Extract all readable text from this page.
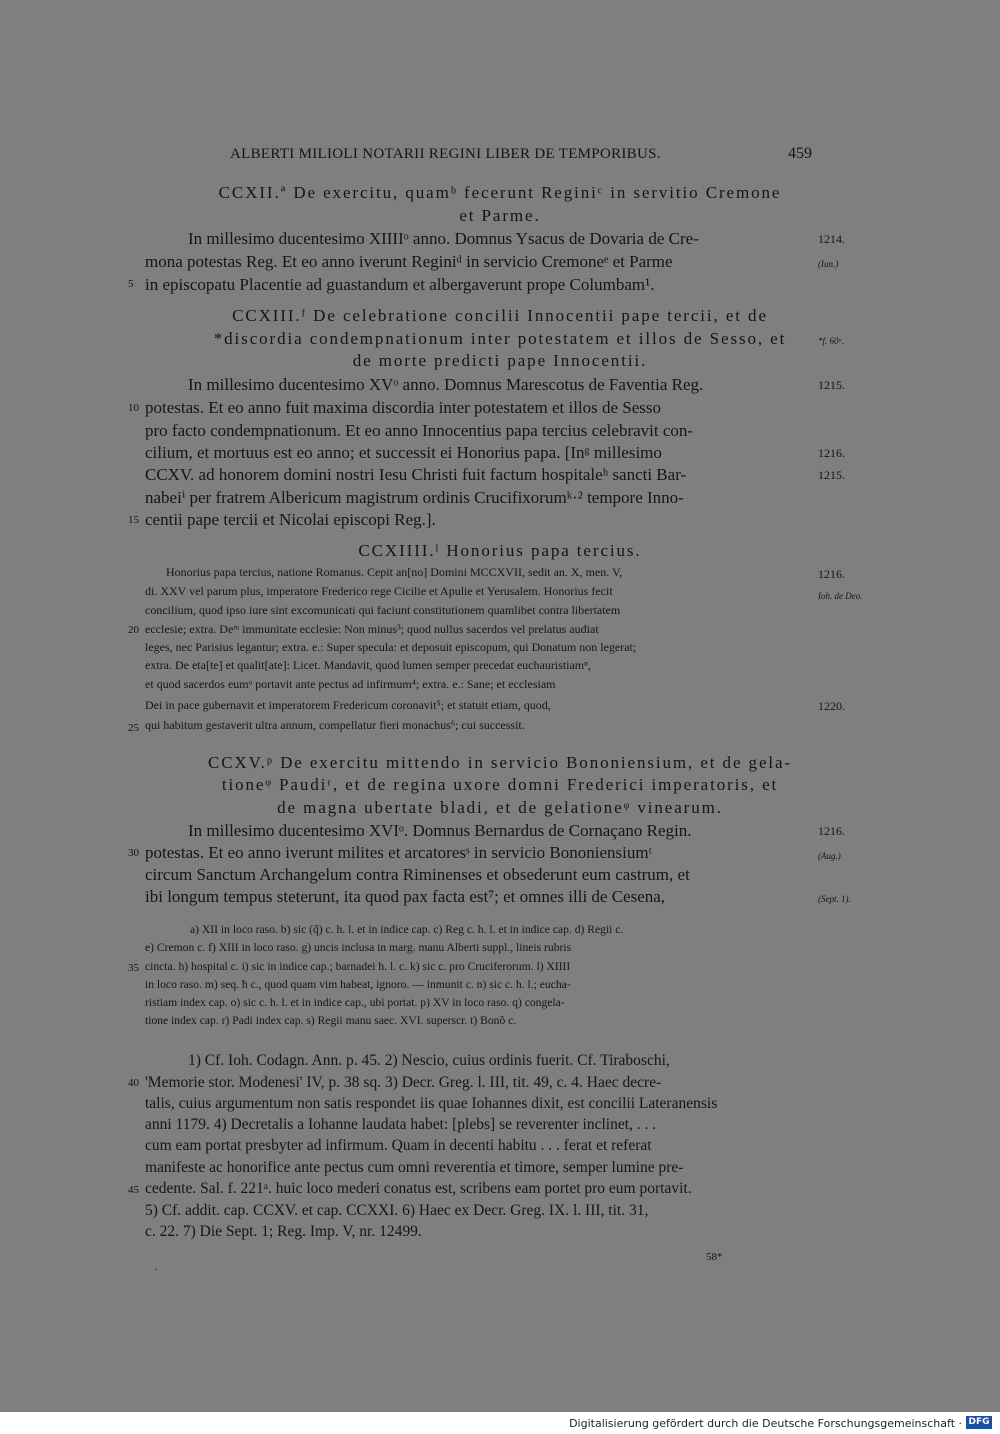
ALBERTI MILIOLI NOTARII REGINI LIBER DE TEMPORIBUS.	459
CCXII.ª De exercitu, quamᵇ fecerunt Reginiᶜ in servitio Cremone
et Parme.
In millesimo ducentesimo XIIIIᵒ anno. Domnus Ysacus de Dovaria de Cre-
mona potestas Reg. Et eo anno iverunt Reginiᵈ in servicio Cremoneᵉ et Parme
in episcopatu Placentie ad guastandum et albergaverunt prope Columbam¹.
CCXIII.ᶠ De celebratione concilii Innocentii pape tercii, et de
*discordia condempnationum inter potestatem et illos de Sesso, et
de morte predicti pape Innocentii.
In millesimo ducentesimo XVᵒ anno. Domnus Marescotus de Faventia Reg.
potestas. Et eo anno fuit maxima discordia inter potestatem et illos de Sesso
pro facto condempnationum. Et eo anno Innocentius papa tercius celebravit con-
cilium, et mortuus est eo anno; et successit ei Honorius papa. [Inᵍ millesimo
CCXV. ad honorem domini nostri Iesu Christi fuit factum hospitaleʰ sancti Bar-
nabeiⁱ per fratrem Albericum magistrum ordinis Crucifixorumᵏ·² tempore Inno-
centii pape tercii et Nicolai episcopi Reg.].
CCXIIII.ˡ Honorius papa tercius.
Honorius papa tercius, natione Romanus. Cepit an[no] Domini MCCXVII, sedit an. X, men. V,
di. XXV vel parum plus, imperatore Frederico rege Cicilie et Apulie et Yerusalem. Honorius fecit
concilium, quod ipso iure sint excomunicati qui faciunt constitutionem quamlibet contra libertatem
ecclesie; extra. Deᵐ immunitate ecclesie: Non minus³; quod nullus sacerdos vel prelatus audiat
leges, nec Parisius legantur; extra. e.: Super specula: et deposuit episcopum, qui Donatum non legerat;
extra. De eta[te] et qualit[ate]: Licet. Mandavit, quod lumen semper precedat euchauristiamⁿ,
et quod sacerdos eumᵒ portavit ante pectus ad infirmum⁴; extra. e.: Sane; et ecclesiam
Dei in pace gubernavit et imperatorem Fredericum coronavit⁵; et statuit etiam, quod,
qui habitum gestaverit ultra annum, compellatur fieri monachus⁶; cui successit.
CCXV.ᵖ De exercitu mittendo in servicio Bononiensium, et de gela-
tioneᵠ Paudiʳ, et de regina uxore domni Frederici imperatoris, et
de magna ubertate bladi, et de gelationeᵠ vinearum.
In millesimo ducentesimo XVIᵒ. Domnus Bernardus de Cornaçano Regin.
potestas. Et eo anno iverunt milites et arcatoresˢ in servicio Bononiensiumᵗ
circum Sanctum Archangelum contra Riminenses et obsederunt eum castrum, et
ibi longum tempus steterunt, ita quod pax facta est⁷; et omnes illi de Cesena,
a) XII in loco raso. b) sic (q̃) c. h. l. et in indice cap. c) Reg c. h. l. et in indice cap. d) Regii c.
e) Cremon c. f) XIII in loco raso. g) uncis inclusa in marg. manu Alberti suppl., lineis rubris
cincta. h) hospital c. i) sic in indice cap.; barnadei h. l. c. k) sic c. pro Cruciferorum. l) XIIII
in loco raso. m) seq. ħ c., quod quam vim habeat, ignoro. — inmunit c. n) sic c. h. l.; eucha-
ristiam index cap. o) sic c. h. l. et in indice cap., ubi portat. p) XV in loco raso. q) congela-
tione index cap. r) Padi index cap. s) Regii manu saec. XVI. superscr. t) Bonõ c.
1) Cf. Ioh. Codagn. Ann. p. 45. 2) Nescio, cuius ordinis fuerit. Cf. Tiraboschi,
'Memorie stor. Modenesi' IV, p. 38 sq. 3) Decr. Greg. l. III, tit. 49, c. 4. Haec decre-
talis, cuius argumentum non satis respondet iis quae Iohannes dixit, est concilii Lateranensis
anni 1179. 4) Decretalis a Iohanne laudata habet: [plebs] se reverenter inclinet, . . .
cum eam portat presbyter ad infirmum. Quam in decenti habitu . . . ferat et referat
manifeste ac honorifice ante pectus cum omni reverentia et timore, semper lumine pre-
cedente. Sal. f. 221ᵃ. huic loco mederi conatus est, scribens eam portet pro eum portavit.
5) Cf. addit. cap. CCXV. et cap. CCXXI. 6) Haec ex Decr. Greg. IX. l. III, tit. 31,
c. 22. 7) Die Sept. 1; Reg. Imp. V, nr. 12499.
5
10
15
20
25
30
35
40
45
1214.
(Iun.)
*f. 60ᵃ.
1215.
1216.
1215.
1216.
Ioh. de Deo.
1220.
1216.
(Aug.)
(Sept. 1).
58*
·
Digitalisierung gefördert durch die Deutsche Forschungsgemeinschaft · DFG
